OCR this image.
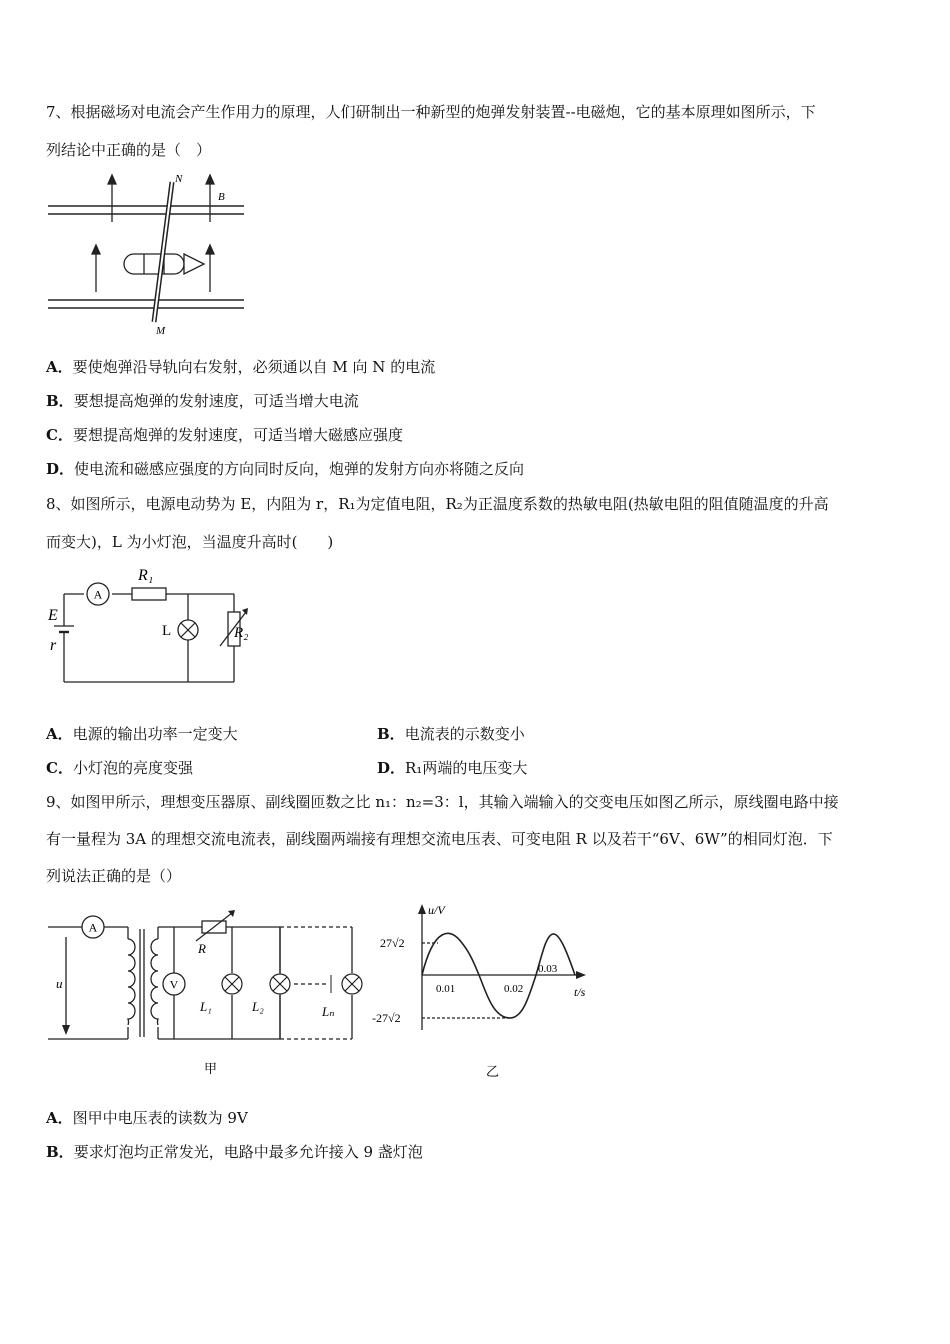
7、根据磁场对电流会产生作用力的原理，人们研制出一种新型的炮弹发射装置--电磁炮，它的基本原理如图所示，下
列结论中正确的是（　）
N
B
M
A．要使炮弹沿导轨向右发射，必须通以自 M 向 N 的电流
B．要想提高炮弹的发射速度，可适当增大电流
C．要想提高炮弹的发射速度，可适当增大磁感应强度
D．使电流和磁感应强度的方向同时反向，炮弹的发射方向亦将随之反向
8、如图所示，电源电动势为 E，内阻为 r，R₁为定值电阻，R₂为正温度系数的热敏电阻(热敏电阻的阻值随温度的升高
而变大)，L 为小灯泡，当温度升高时(　　)
A
L
R₁
R₂
E
r
A．电源的输出功率一定变大	B．电流表的示数变小
C．小灯泡的亮度变强	D．R₁两端的电压变大
9、如图甲所示，理想变压器原、副线圈匝数之比 n₁：n₂=3：l，其输入端输入的交变电压如图乙所示，原线圈电路中接
有一量程为 3A 的理想交流电流表，副线圈两端接有理想交流电压表、可变电阻 R 以及若干“6V、6W”的相同灯泡．下
列说法正确的是（）
A
V
u
R
L₁	L₂	Lₙ
甲
u/V
27√2
-27√2
0.01	0.02
0.03
t/s
乙
A．图甲中电压表的读数为 9V
B．要求灯泡均正常发光，电路中最多允许接入 9 盏灯泡
